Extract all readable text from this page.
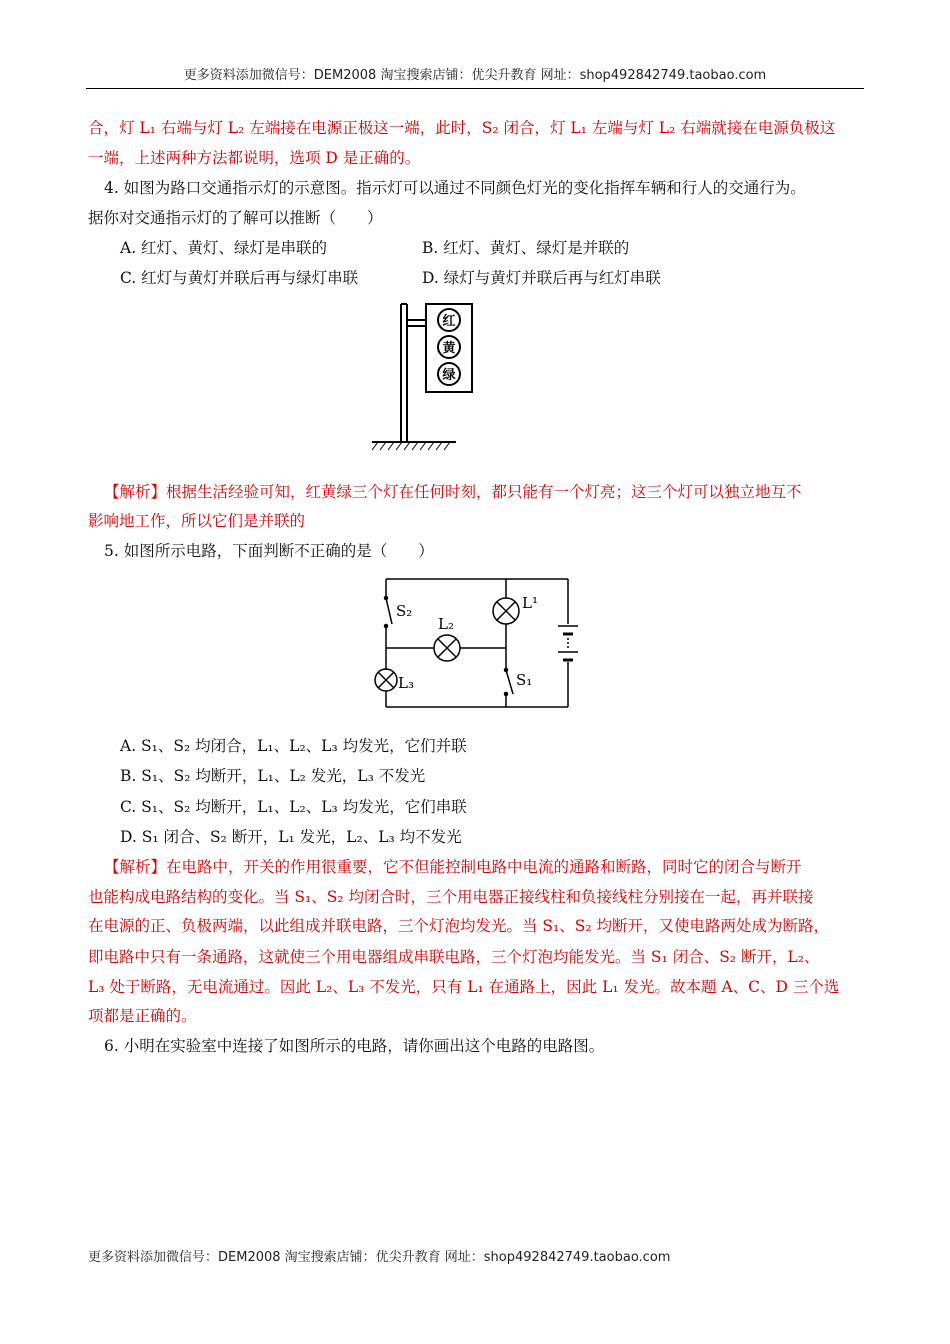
更多资料添加微信号：DEM2008 淘宝搜索店铺：优尖升教育 网址：shop492842749.taobao.com
合，灯 L₁ 右端与灯 L₂ 左端接在电源正极这一端，此时，S₂ 闭合，灯 L₁ 左端与灯 L₂ 右端就接在电源负极这
一端，上述两种方法都说明，选项 D 是正确的。
4. 如图为路口交通指示灯的示意图。指示灯可以通过不同颜色灯光的变化指挥车辆和行人的交通行为。
据你对交通指示灯的了解可以推断（　　）
A. 红灯、黄灯、绿灯是串联的	B. 红灯、黄灯、绿灯是并联的
C. 红灯与黄灯并联后再与绿灯串联	D. 绿灯与黄灯并联后再与红灯串联
红
黄
绿
【解析】根据生活经验可知，红黄绿三个灯在任何时刻，都只能有一个灯亮；这三个灯可以独立地互不
影响地工作，所以它们是并联的
5. 如图所示电路，下面判断不正确的是（　　）
S₂
L₂
L¹
L₃	S₁
A. S₁、S₂ 均闭合，L₁、L₂、L₃ 均发光，它们并联
B. S₁、S₂ 均断开，L₁、L₂ 发光，L₃ 不发光
C. S₁、S₂ 均断开，L₁、L₂、L₃ 均发光，它们串联
D. S₁ 闭合、S₂ 断开，L₁ 发光，L₂、L₃ 均不发光
【解析】在电路中，开关的作用很重要，它不但能控制电路中电流的通路和断路，同时它的闭合与断开
也能构成电路结构的变化。当 S₁、S₂ 均闭合时，三个用电器正接线柱和负接线柱分别接在一起，再并联接
在电源的正、负极两端，以此组成并联电路，三个灯泡均发光。当 S₁、S₂ 均断开，又使电路两处成为断路，
即电路中只有一条通路，这就使三个用电器组成串联电路，三个灯泡均能发光。当 S₁ 闭合、S₂ 断开，L₂、
L₃ 处于断路，无电流通过。因此 L₂、L₃ 不发光，只有 L₁ 在通路上，因此 L₁ 发光。故本题 A、C、D 三个选
项都是正确的。
6. 小明在实验室中连接了如图所示的电路，请你画出这个电路的电路图。
更多资料添加微信号：DEM2008 淘宝搜索店铺：优尖升教育 网址：shop492842749.taobao.com
